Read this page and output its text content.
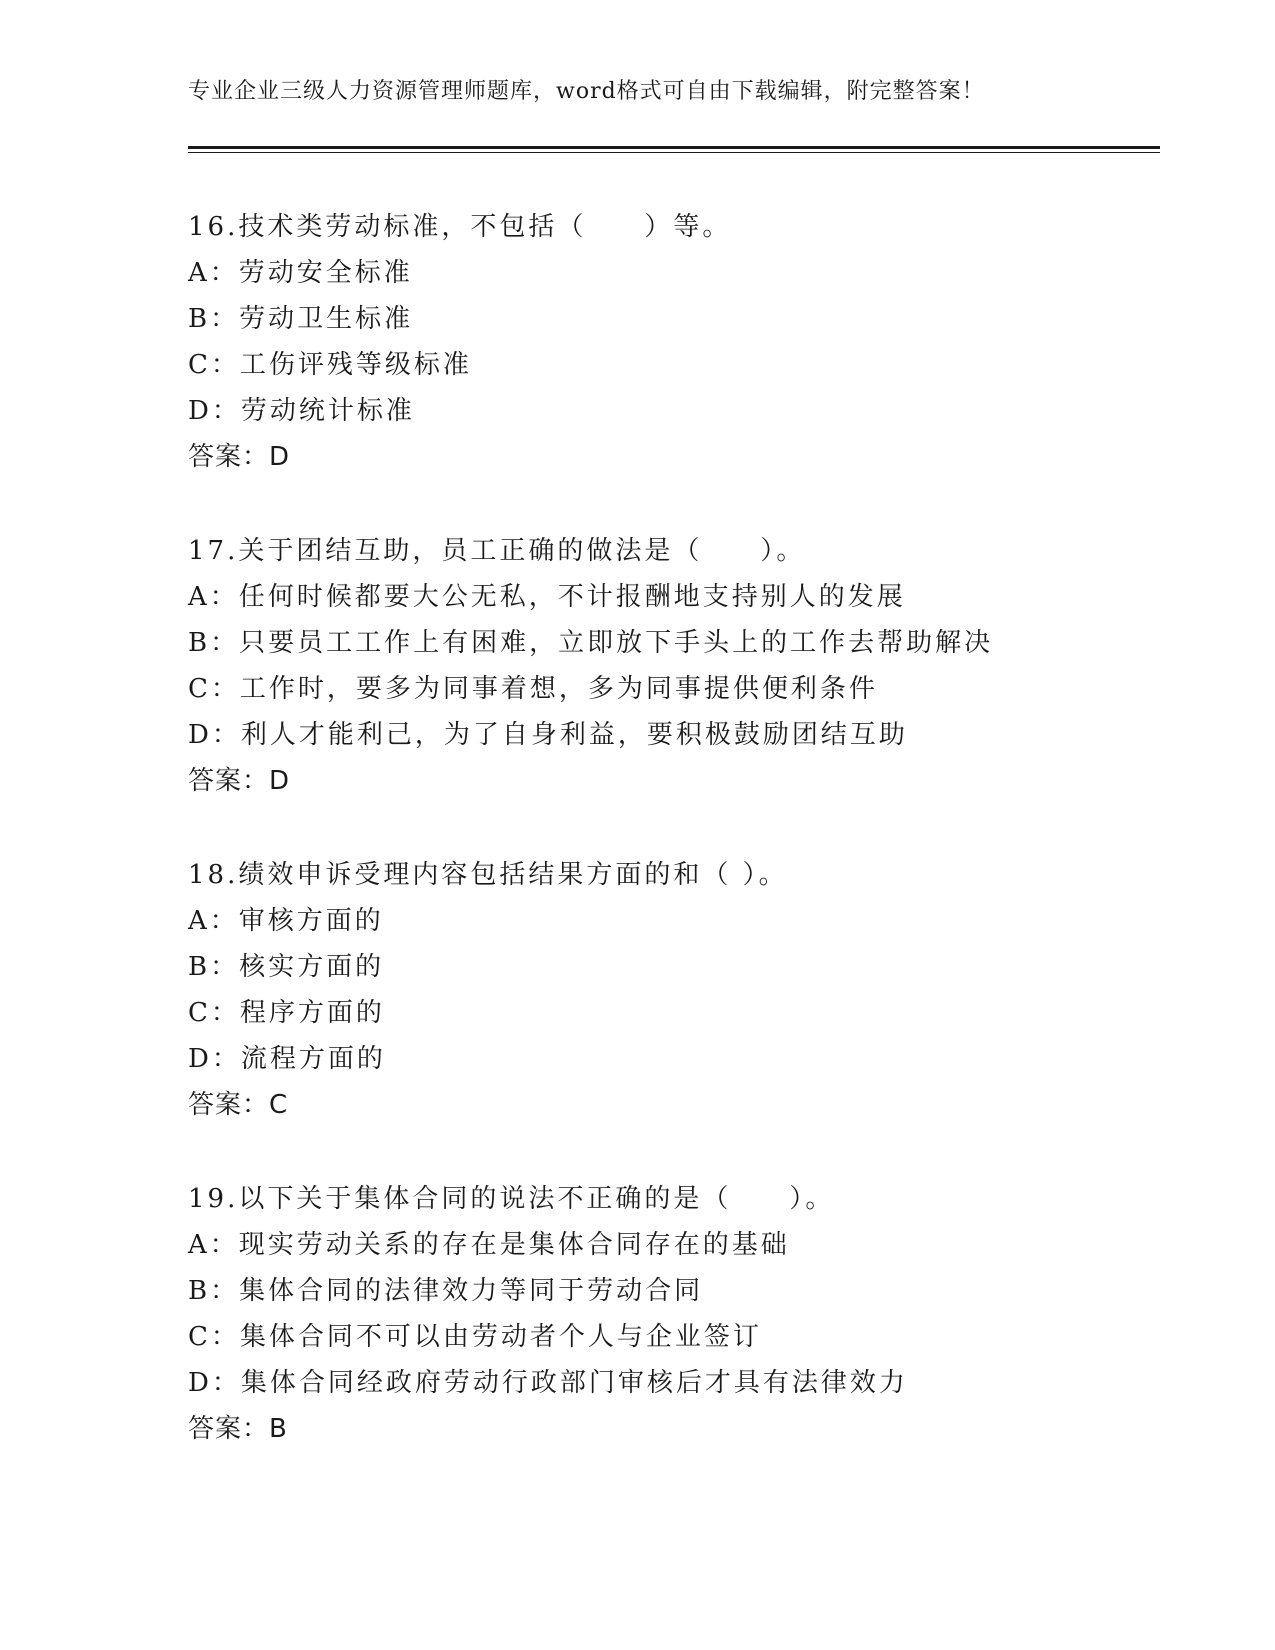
专业企业三级人力资源管理师题库，word格式可自由下载编辑，附完整答案！
16.技术类劳动标准，不包括（　　）等。
A：劳动安全标准
B：劳动卫生标准
C：工伤评残等级标准
D：劳动统计标准
答案：D
17.关于团结互助，员工正确的做法是（　　）。
A：任何时候都要大公无私，不计报酬地支持别人的发展
B：只要员工工作上有困难，立即放下手头上的工作去帮助解决
C：工作时，要多为同事着想，多为同事提供便利条件
D：利人才能利己，为了自身利益，要积极鼓励团结互助
答案：D
18.绩效申诉受理内容包括结果方面的和（ ）。
A：审核方面的
B：核实方面的
C：程序方面的
D：流程方面的
答案：C
19.以下关于集体合同的说法不正确的是（　　）。
A：现实劳动关系的存在是集体合同存在的基础
B：集体合同的法律效力等同于劳动合同
C：集体合同不可以由劳动者个人与企业签订
D：集体合同经政府劳动行政部门审核后才具有法律效力
答案：B
